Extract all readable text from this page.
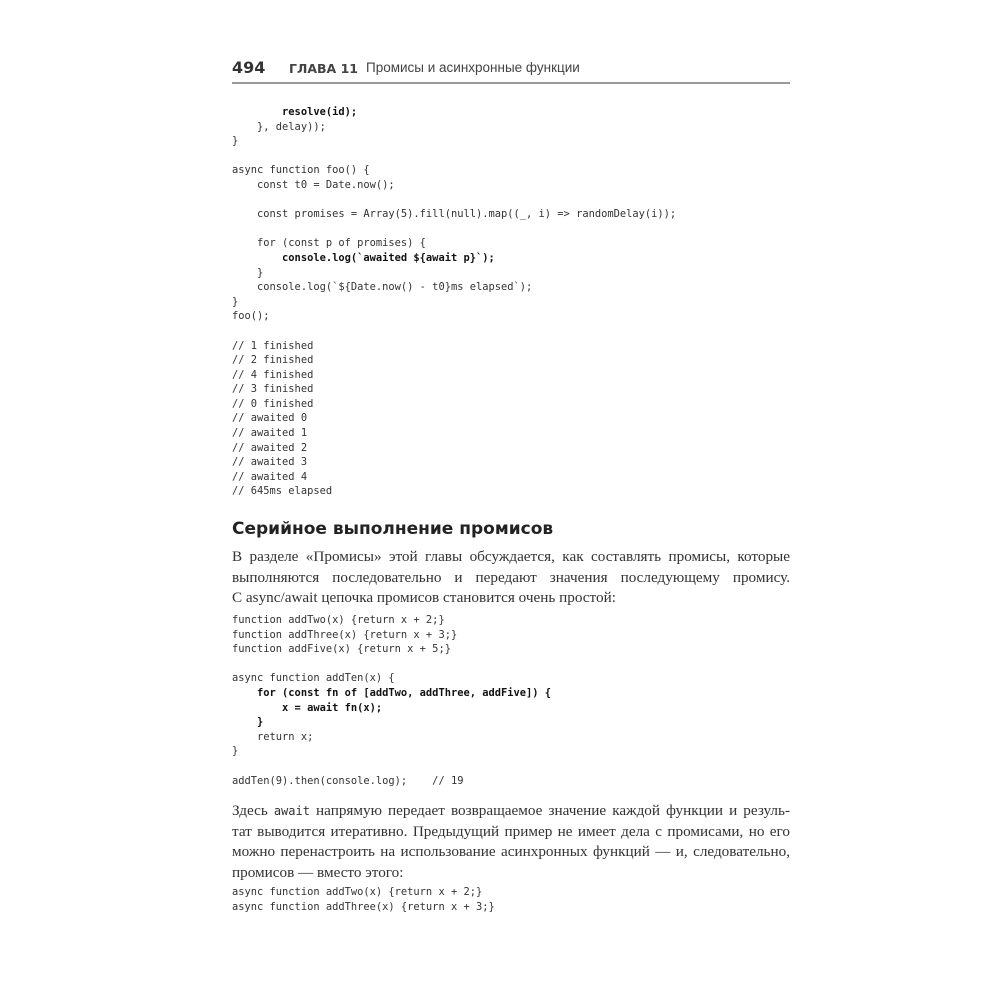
494 ГЛАВА 11 Промисы и асинхронные функции
resolve(id);
}, delay));
}

async function foo() {
const t0 = Date.now();

const promises = Array(5).fill(null).map((_, i) => randomDelay(i));

for (const p of promises) {
console.log(`awaited ${await p}`);
}
console.log(`${Date.now() - t0}ms elapsed`);
}
foo();

// 1 finished
// 2 finished
// 4 finished
// 3 finished
// 0 finished
// awaited 0
// awaited 1
// awaited 2
// awaited 3
// awaited 4
// 645ms elapsed

Серийное выполнение промисов
В разделе «Промисы» этой главы обсуждается, как составлять промисы, которые
выполняются последовательно и передают значения последующему промису.
С async/await цепочка промисов становится очень простой:
function addTwo(x) {return x + 2;}
function addThree(x) {return x + 3;}
function addFive(x) {return x + 5;}

async function addTen(x) {
for (const fn of [addTwo, addThree, addFive]) {
x = await fn(x);
}
return x;
}

addTen(9).then(console.log);    // 19

Здесь await напрямую передает возвращаемое значение каждой функции и резуль-
тат выводится итеративно. Предыдущий пример не имеет дела с промисами, но его
можно перенастроить на использование асинхронных функций — и, следовательно,
промисов — вместо этого:
async function addTwo(x) {return x + 2;}
async function addThree(x) {return x + 3;}
